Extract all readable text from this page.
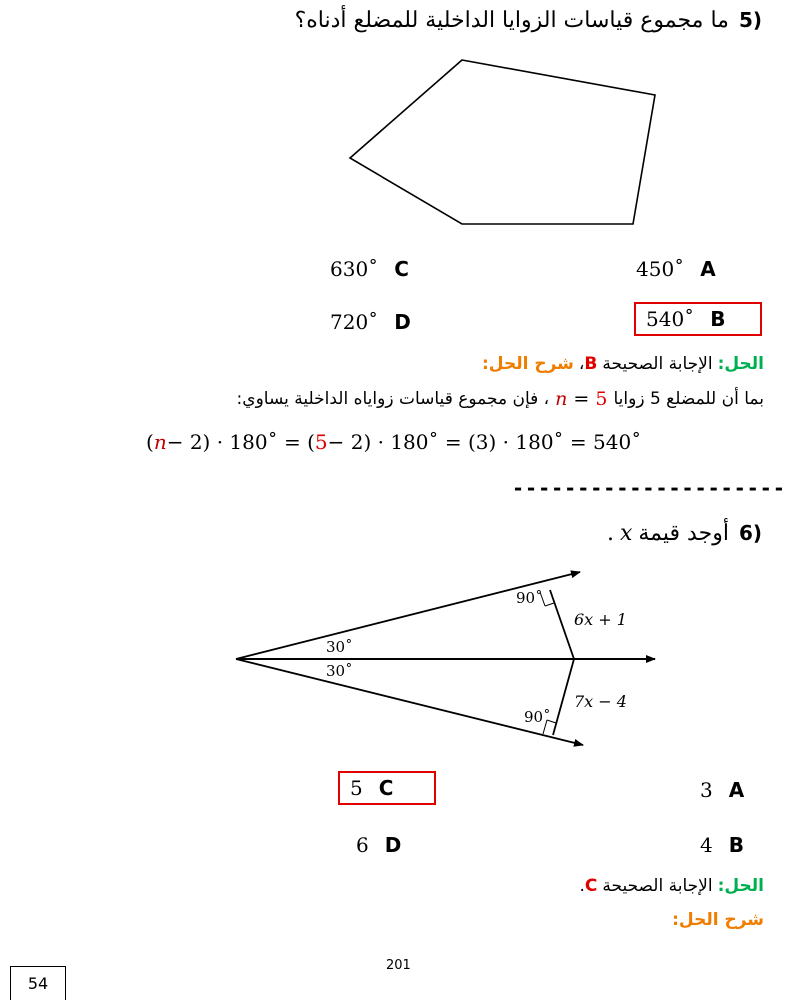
5)
ما مجموع قياسات الزوايا الداخلية للمضلع أدناه؟
450˚ A
630˚ C
540˚ B
720˚ D
الحل:
الإجابة الصحيحة
B
،
شرح الحل:
بما أن للمضلع 5 زوايا
n = 5
، فإن مجموع قياسات زواياه الداخلية يساوي:
( n − 2) · 180˚ = ( 5 − 2) · 180˚ = (3) · 180˚ = 540˚
---------------------
6)
أوجد قيمة
x
.
90˚
30˚
30˚
90˚
6x + 1
7x − 4
3 A
5 C
4 B
6 D
الحل:
الإجابة الصحيحة
C
.
شرح الحل:
201
54
